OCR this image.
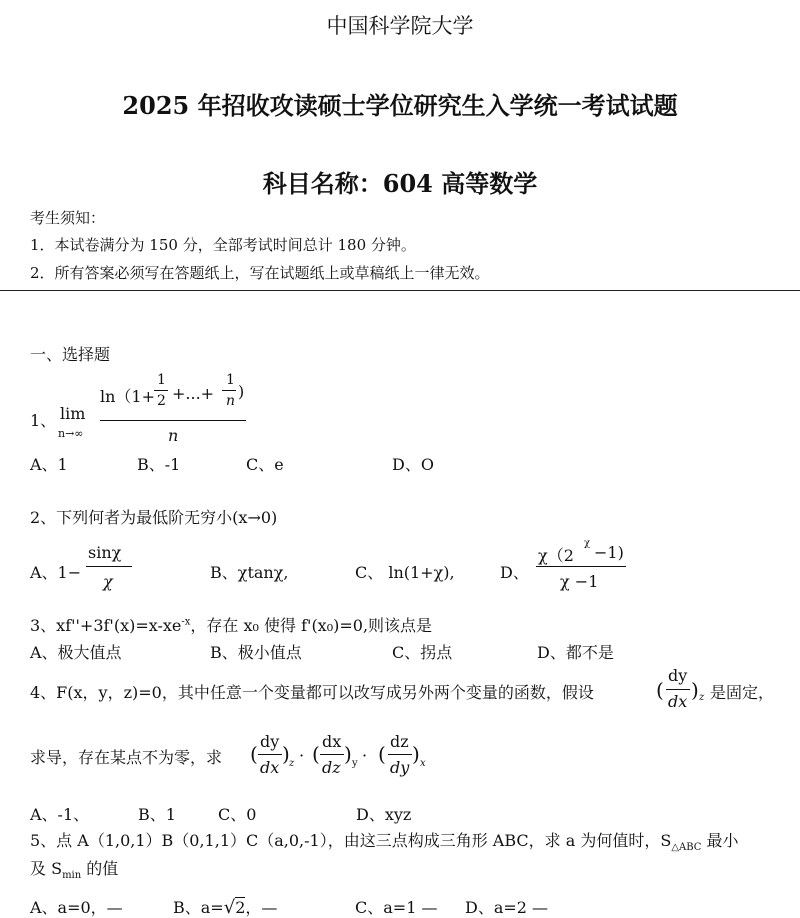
中国科学院大学
2025 年招收攻读硕士学位研究生入学统一考试试题
科目名称：604 高等数学
考生须知：
1．本试卷满分为 150 分，全部考试时间总计 180 分钟。
2．所有答案必须写在答题纸上，写在试题纸上或草稿纸上一律无效。
一、选择题
1、 lim
n→∞
ln（1+
1
2 +...+
1
n )
n
A、1	B、-1	C、e	D、O
2、下列何者为最低阶无穷小(x→0)
A、1−
sinχ
χ	B、χtanχ,	C、 ln(1+χ),	D、
χ（2
χ −1)
χ −1
3、$xf''+3f'(x)=x-xe^{-x}$，存在 x₀ 使得 f'(x₀)=0,则该点是
A、极大值点	B、极小值点	C、拐点	D、都不是
4、F(x，y，z)=0，其中任意一个变量都可以改写成另外两个变量的函数，假设	(
dy
dx ) z 是固定，
求导，存在某点不为零，求 (
dy
dx
) z · (
dx
dz
) y · (
dz
dy
) x
A、-1、	B、1	C、0	D、xyz
5、点 A（1,0,1）B（0,1,1）C（a,0,-1），由这三点构成三角形 ABC，求 a 为何值时，$S_{\triangle ABC}$ 最小
及 $S_{min}$ 的值
A、a=0，—	B、a=√2，—	C、a=1 — D、a=2 —
